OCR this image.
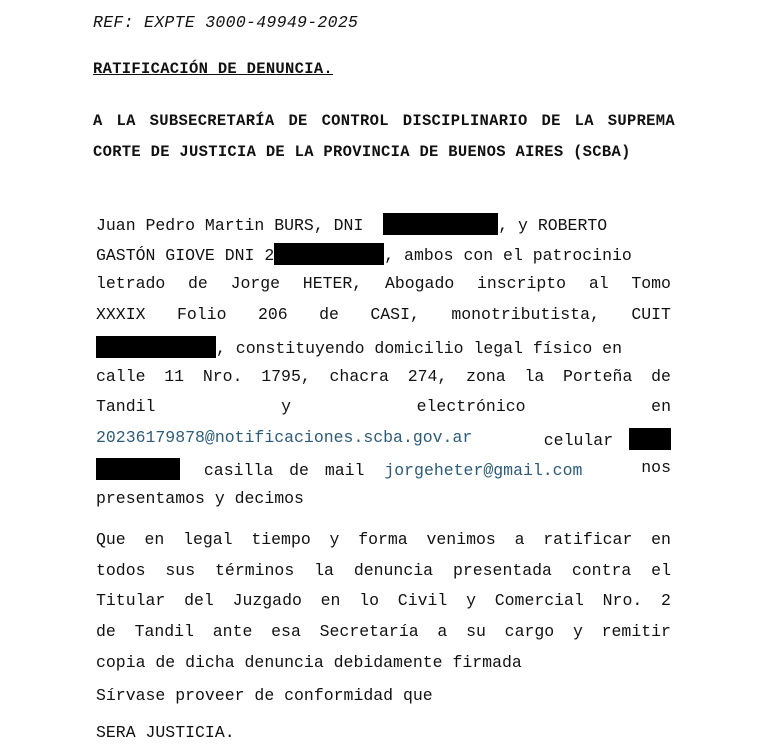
REF: EXPTE 3000-49949-2025
RATIFICACIÓN DE DENUNCIA.
A LA SUBSECRETARÍA DE CONTROL DISCIPLINARIO DE LA SUPREMA CORTE DE JUSTICIA DE LA PROVINCIA DE BUENOS AIRES (SCBA)
Juan Pedro Martin BURS, DNI	, y ROBERTO
GASTÓN GIOVE DNI 2	, ambos con el patrocinio
letrado de Jorge HETER, Abogado inscripto al Tomo
XXXIX Folio 206 de CASI, monotributista, CUIT
, constituyendo domicilio legal físico en
calle 11 Nro. 1795, chacra 274, zona la Porteña de
Tandil	y	electrónico	en
20236179878@notificaciones.scba.gov.ar	celular
casilla de mail jorgeheter@gmail.com	nos
presentamos y decimos
Que en legal tiempo y forma venimos a ratificar en
todos sus términos la denuncia presentada contra el
Titular del Juzgado en lo Civil y Comercial Nro. 2
de Tandil ante esa Secretaría a su cargo y remitir
copia de dicha denuncia debidamente firmada
Sírvase proveer de conformidad que
SERA JUSTICIA.
